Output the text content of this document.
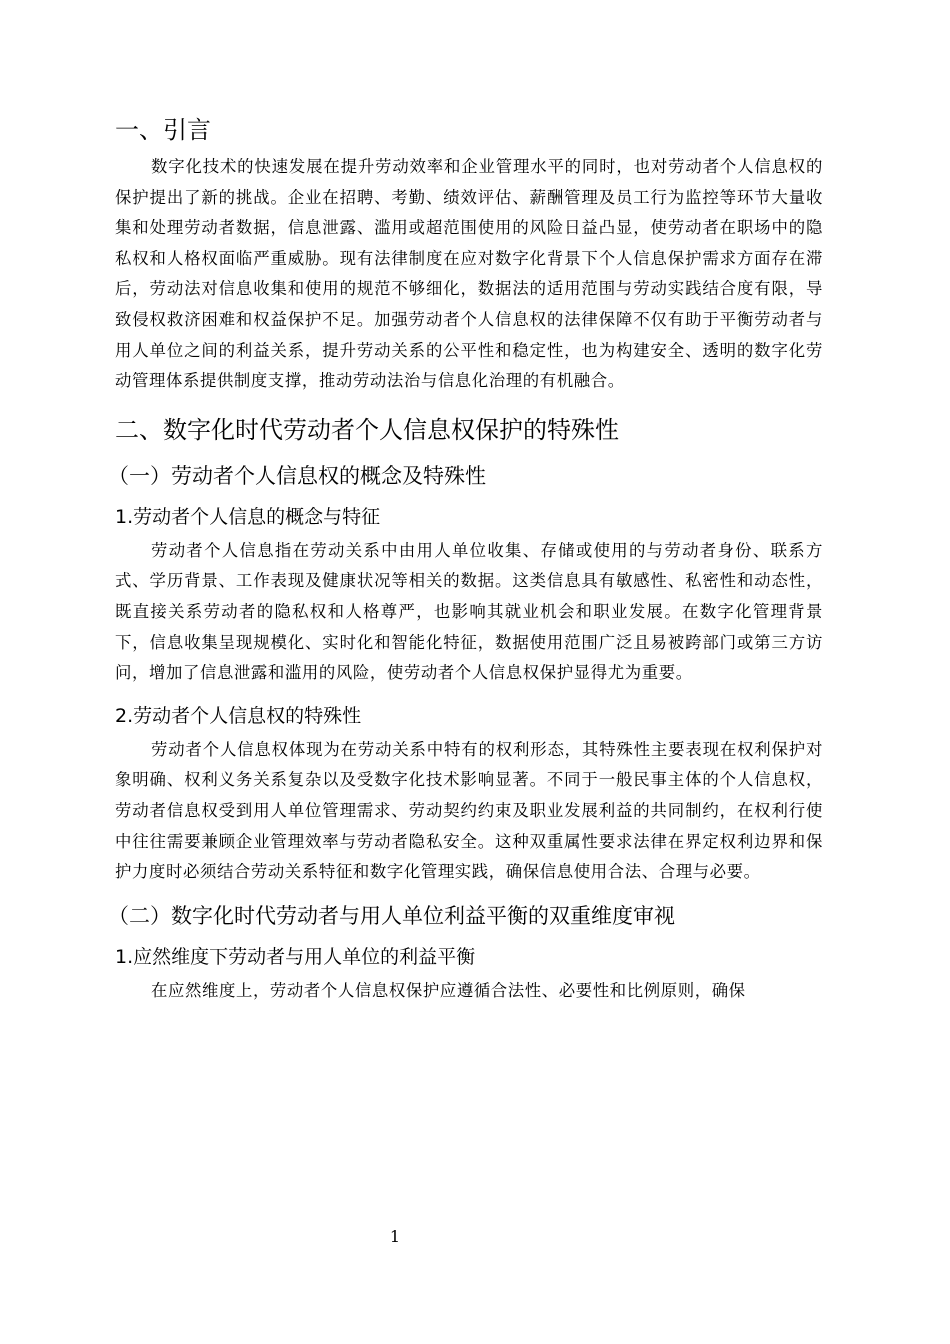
一、引言

数字化技术的快速发展在提升劳动效率和企业管理水平的同时，也对劳动者个人信息权的保护提出了新的挑战。企业在招聘、考勤、绩效评估、薪酬管理及员工行为监控等环节大量收集和处理劳动者数据，信息泄露、滥用或超范围使用的风险日益凸显，使劳动者在职场中的隐私权和人格权面临严重威胁。现有法律制度在应对数字化背景下个人信息保护需求方面存在滞后，劳动法对信息收集和使用的规范不够细化，数据法的适用范围与劳动实践结合度有限，导致侵权救济困难和权益保护不足。加强劳动者个人信息权的法律保障不仅有助于平衡劳动者与用人单位之间的利益关系，提升劳动关系的公平性和稳定性，也为构建安全、透明的数字化劳动管理体系提供制度支撑，推动劳动法治与信息化治理的有机融合。

二、数字化时代劳动者个人信息权保护的特殊性
（一）劳动者个人信息权的概念及特殊性
1.劳动者个人信息的概念与特征

劳动者个人信息指在劳动关系中由用人单位收集、存储或使用的与劳动者身份、联系方式、学历背景、工作表现及健康状况等相关的数据。这类信息具有敏感性、私密性和动态性，既直接关系劳动者的隐私权和人格尊严，也影响其就业机会和职业发展。在数字化管理背景下，信息收集呈现规模化、实时化和智能化特征，数据使用范围广泛且易被跨部门或第三方访问，增加了信息泄露和滥用的风险，使劳动者个人信息权保护显得尤为重要。

2.劳动者个人信息权的特殊性

劳动者个人信息权体现为在劳动关系中特有的权利形态，其特殊性主要表现在权利保护对象明确、权利义务关系复杂以及受数字化技术影响显著。不同于一般民事主体的个人信息权，劳动者信息权受到用人单位管理需求、劳动契约约束及职业发展利益的共同制约，在权利行使中往往需要兼顾企业管理效率与劳动者隐私安全。这种双重属性要求法律在界定权利边界和保护力度时必须结合劳动关系特征和数字化管理实践，确保信息使用合法、合理与必要。

（二）数字化时代劳动者与用人单位利益平衡的双重维度审视
1.应然维度下劳动者与用人单位的利益平衡

在应然维度上，劳动者个人信息权保护应遵循合法性、必要性和比例原则，确保

1
